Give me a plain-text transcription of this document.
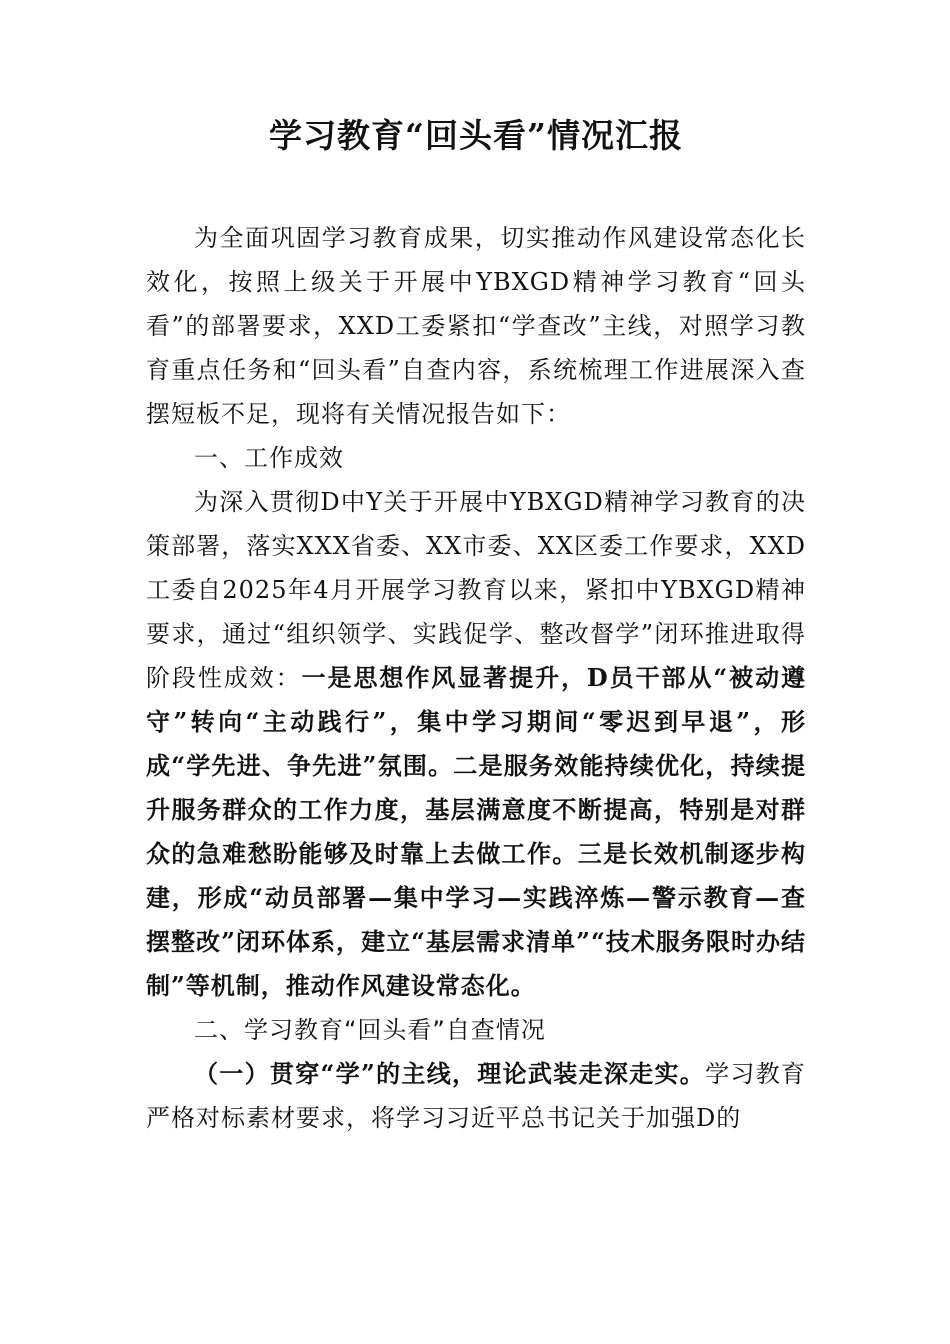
学习教育“回头看”情况汇报

为全面巩固学习教育成果，切实推动作风建设常态化长效化，按照上级关于开展中YBXGD精神学习教育“回头看”的部署要求，XXD工委紧扣“学查改”主线，对照学习教育重点任务和“回头看”自查内容，系统梳理工作进展深入查摆短板不足，现将有关情况报告如下：

一、工作成效

为深入贯彻D中Y关于开展中YBXGD精神学习教育的决策部署，落实XXX省委、XX市委、XX区委工作要求，XXD工委自2025年4月开展学习教育以来，紧扣中YBXGD精神要求，通过“组织领学、实践促学、整改督学”闭环推进取得阶段性成效：一是思想作风显著提升，D员干部从“被动遵守”转向“主动践行”，集中学习期间“零迟到早退”，形成“学先进、争先进”氛围。二是服务效能持续优化，持续提升服务群众的工作力度，基层满意度不断提高，特别是对群众的急难愁盼能够及时靠上去做工作。三是长效机制逐步构建，形成“动员部署—集中学习—实践淬炼—警示教育—查摆整改”闭环体系，建立“基层需求清单”“技术服务限时办结制”等机制，推动作风建设常态化。

二、学习教育“回头看”自查情况

（一）贯穿“学”的主线，理论武装走深走实。学习教育严格对标素材要求，将学习习近平总书记关于加强D的
